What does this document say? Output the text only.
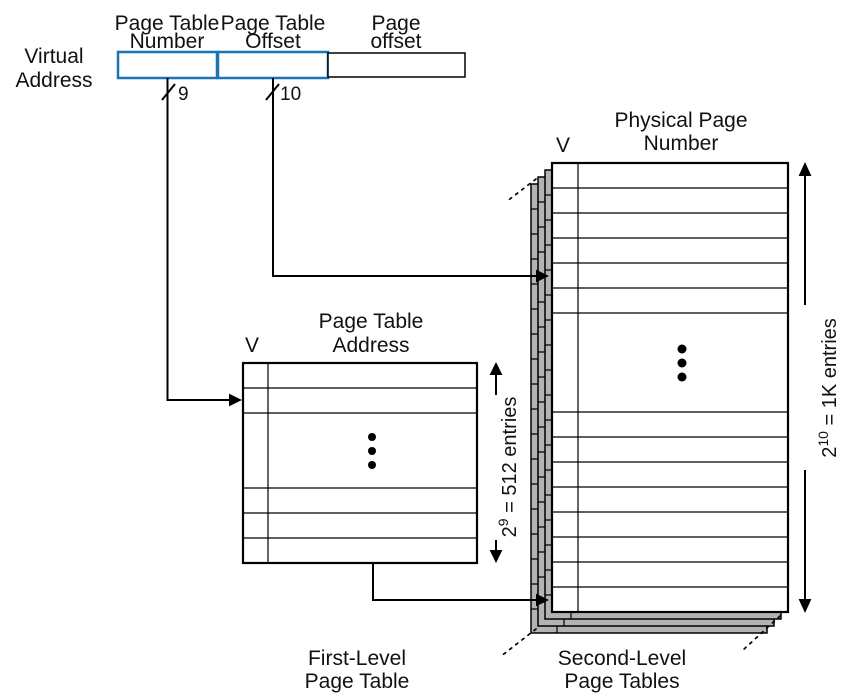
Virtual
Address
Page Table
Number
Page Table
Offset
Page
offset
9	10
V
Page Table
Address
First-Level
Page Table
$2^9 = 512$ entries
V
Physical Page
Number
Second-Level
Page Tables
$2^{10} = 1K$ entries
